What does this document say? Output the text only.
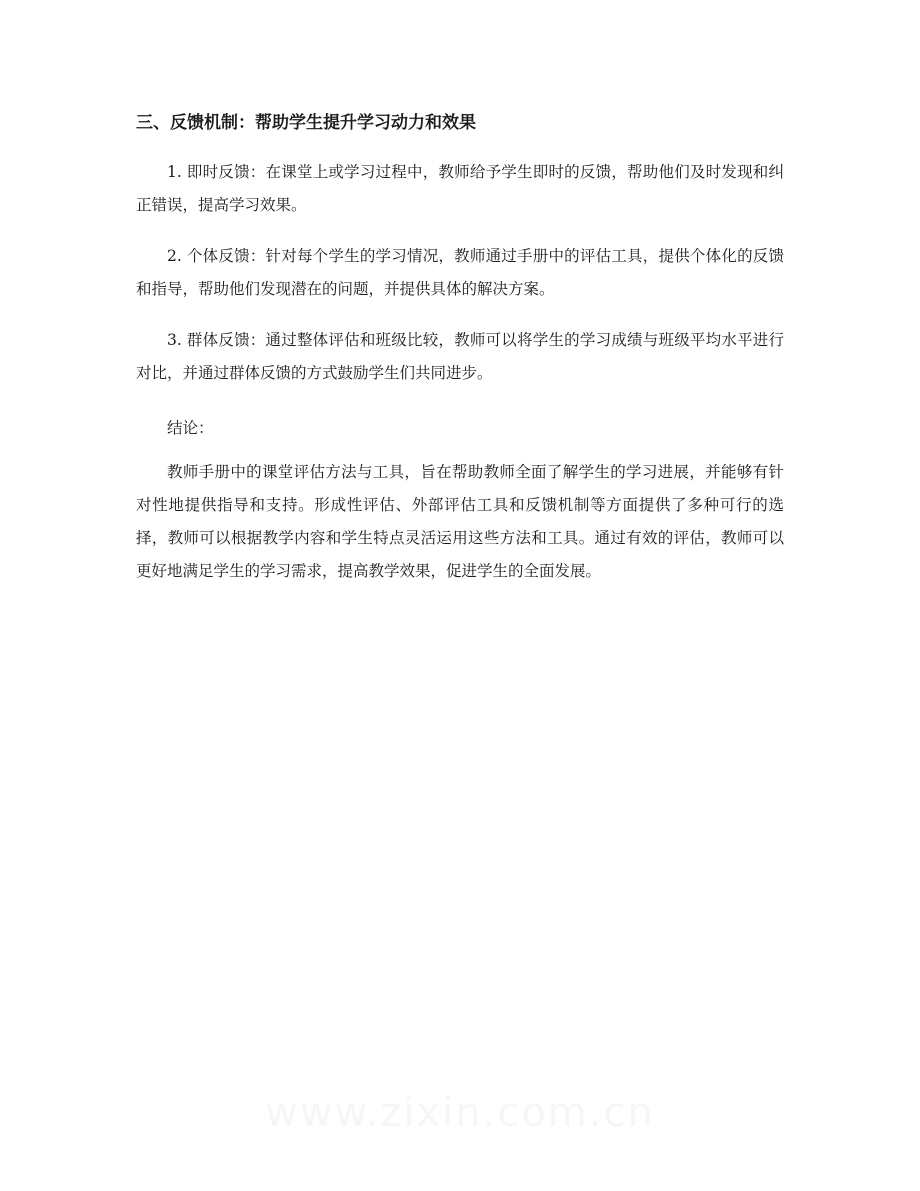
三、反馈机制：帮助学生提升学习动力和效果

1. 即时反馈：在课堂上或学习过程中，教师给予学生即时的反馈，帮助他们及时发现和纠正错误，提高学习效果。

2. 个体反馈：针对每个学生的学习情况，教师通过手册中的评估工具，提供个体化的反馈和指导，帮助他们发现潜在的问题，并提供具体的解决方案。

3. 群体反馈：通过整体评估和班级比较，教师可以将学生的学习成绩与班级平均水平进行对比，并通过群体反馈的方式鼓励学生们共同进步。

结论：

教师手册中的课堂评估方法与工具，旨在帮助教师全面了解学生的学习进展，并能够有针对性地提供指导和支持。形成性评估、外部评估工具和反馈机制等方面提供了多种可行的选择，教师可以根据教学内容和学生特点灵活运用这些方法和工具。通过有效的评估，教师可以更好地满足学生的学习需求，提高教学效果，促进学生的全面发展。

www.zixin.com.cn
